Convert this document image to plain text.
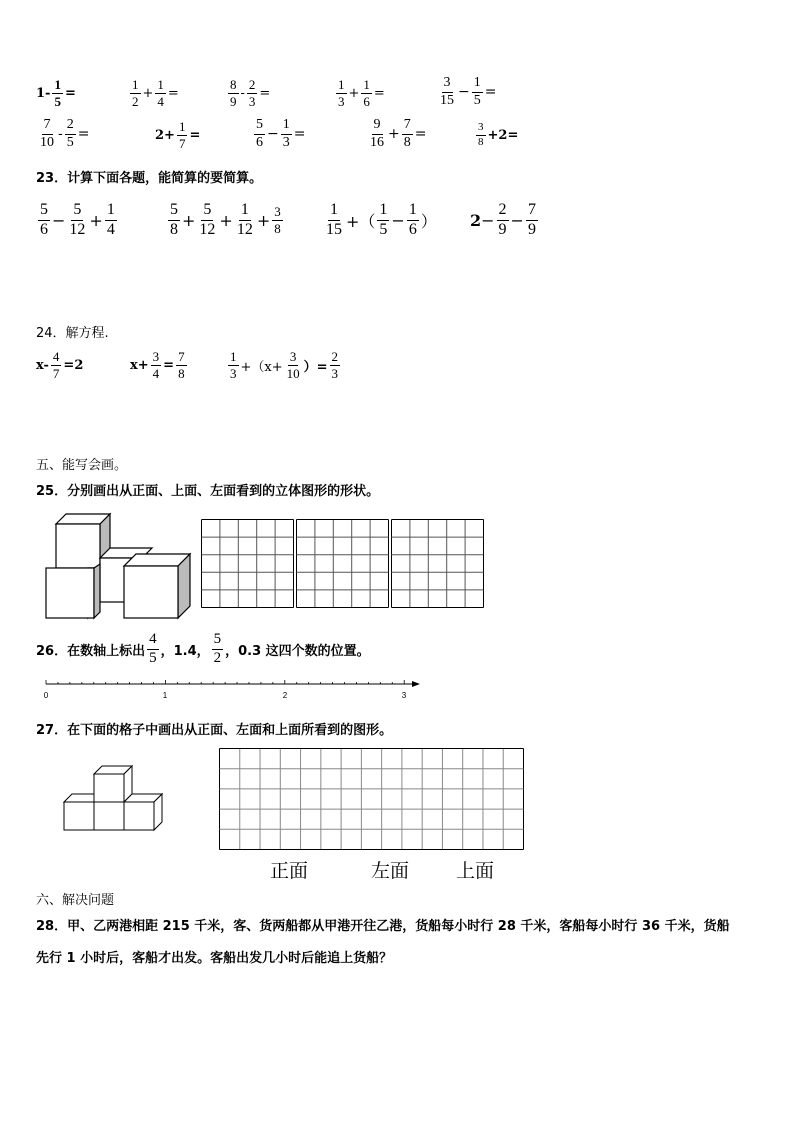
$1- \frac{1}{5}$ =	$\frac{1}{2} + \frac{1}{4}$ =	$\frac{8}{9} - \frac{2}{3}$ =	$\frac{1}{3} + \frac{1}{6}$ =	$\frac{3}{15} - \frac{1}{5}$ =
$\frac{7}{10} - \frac{2}{5}$ =	$2+ \frac{1}{7}$ =	$\frac{5}{6} - \frac{1}{3}$ =	$\frac{9}{16} + \frac{7}{8}$ =	$\frac{3}{8} +2=$
23．计算下面各题，能简算的要简算。
$\frac{5}{6} - \frac{5}{12} + \frac{1}{4}$	$\frac{5}{8} + \frac{5}{12} + \frac{1}{12} + \frac{3}{8}$	$\frac{1}{15}$ +（ $\frac{1}{5} - \frac{1}{6}$ ） $2 - \frac{2}{9} - \frac{7}{9}$
24．解方程.
$x- \frac{4}{7} =2$	$x+ \frac{3}{4} = \frac{7}{8}$	$\frac{1}{3} +(x+ \frac{3}{10}$ ）= $\frac{2}{3}$
五、能写会画。
25．分别画出从正面、上面、左面看到的立体图形的形状。
26．在数轴上标出 $\frac{4}{5}$ ，1.4， $\frac{5}{2}$ ，0.3 这四个数的位置。
0	1	2	3
27．在下面的格子中画出从正面、左面和上面所看到的图形。
正面	左面 上面
六、解决问题
28．甲、乙两港相距 215 千米，客、货两船都从甲港开往乙港，货船每小时行 28 千米，客船每小时行 36 千米，货船
先行 1 小时后，客船才出发。客船出发几小时后能追上货船？
